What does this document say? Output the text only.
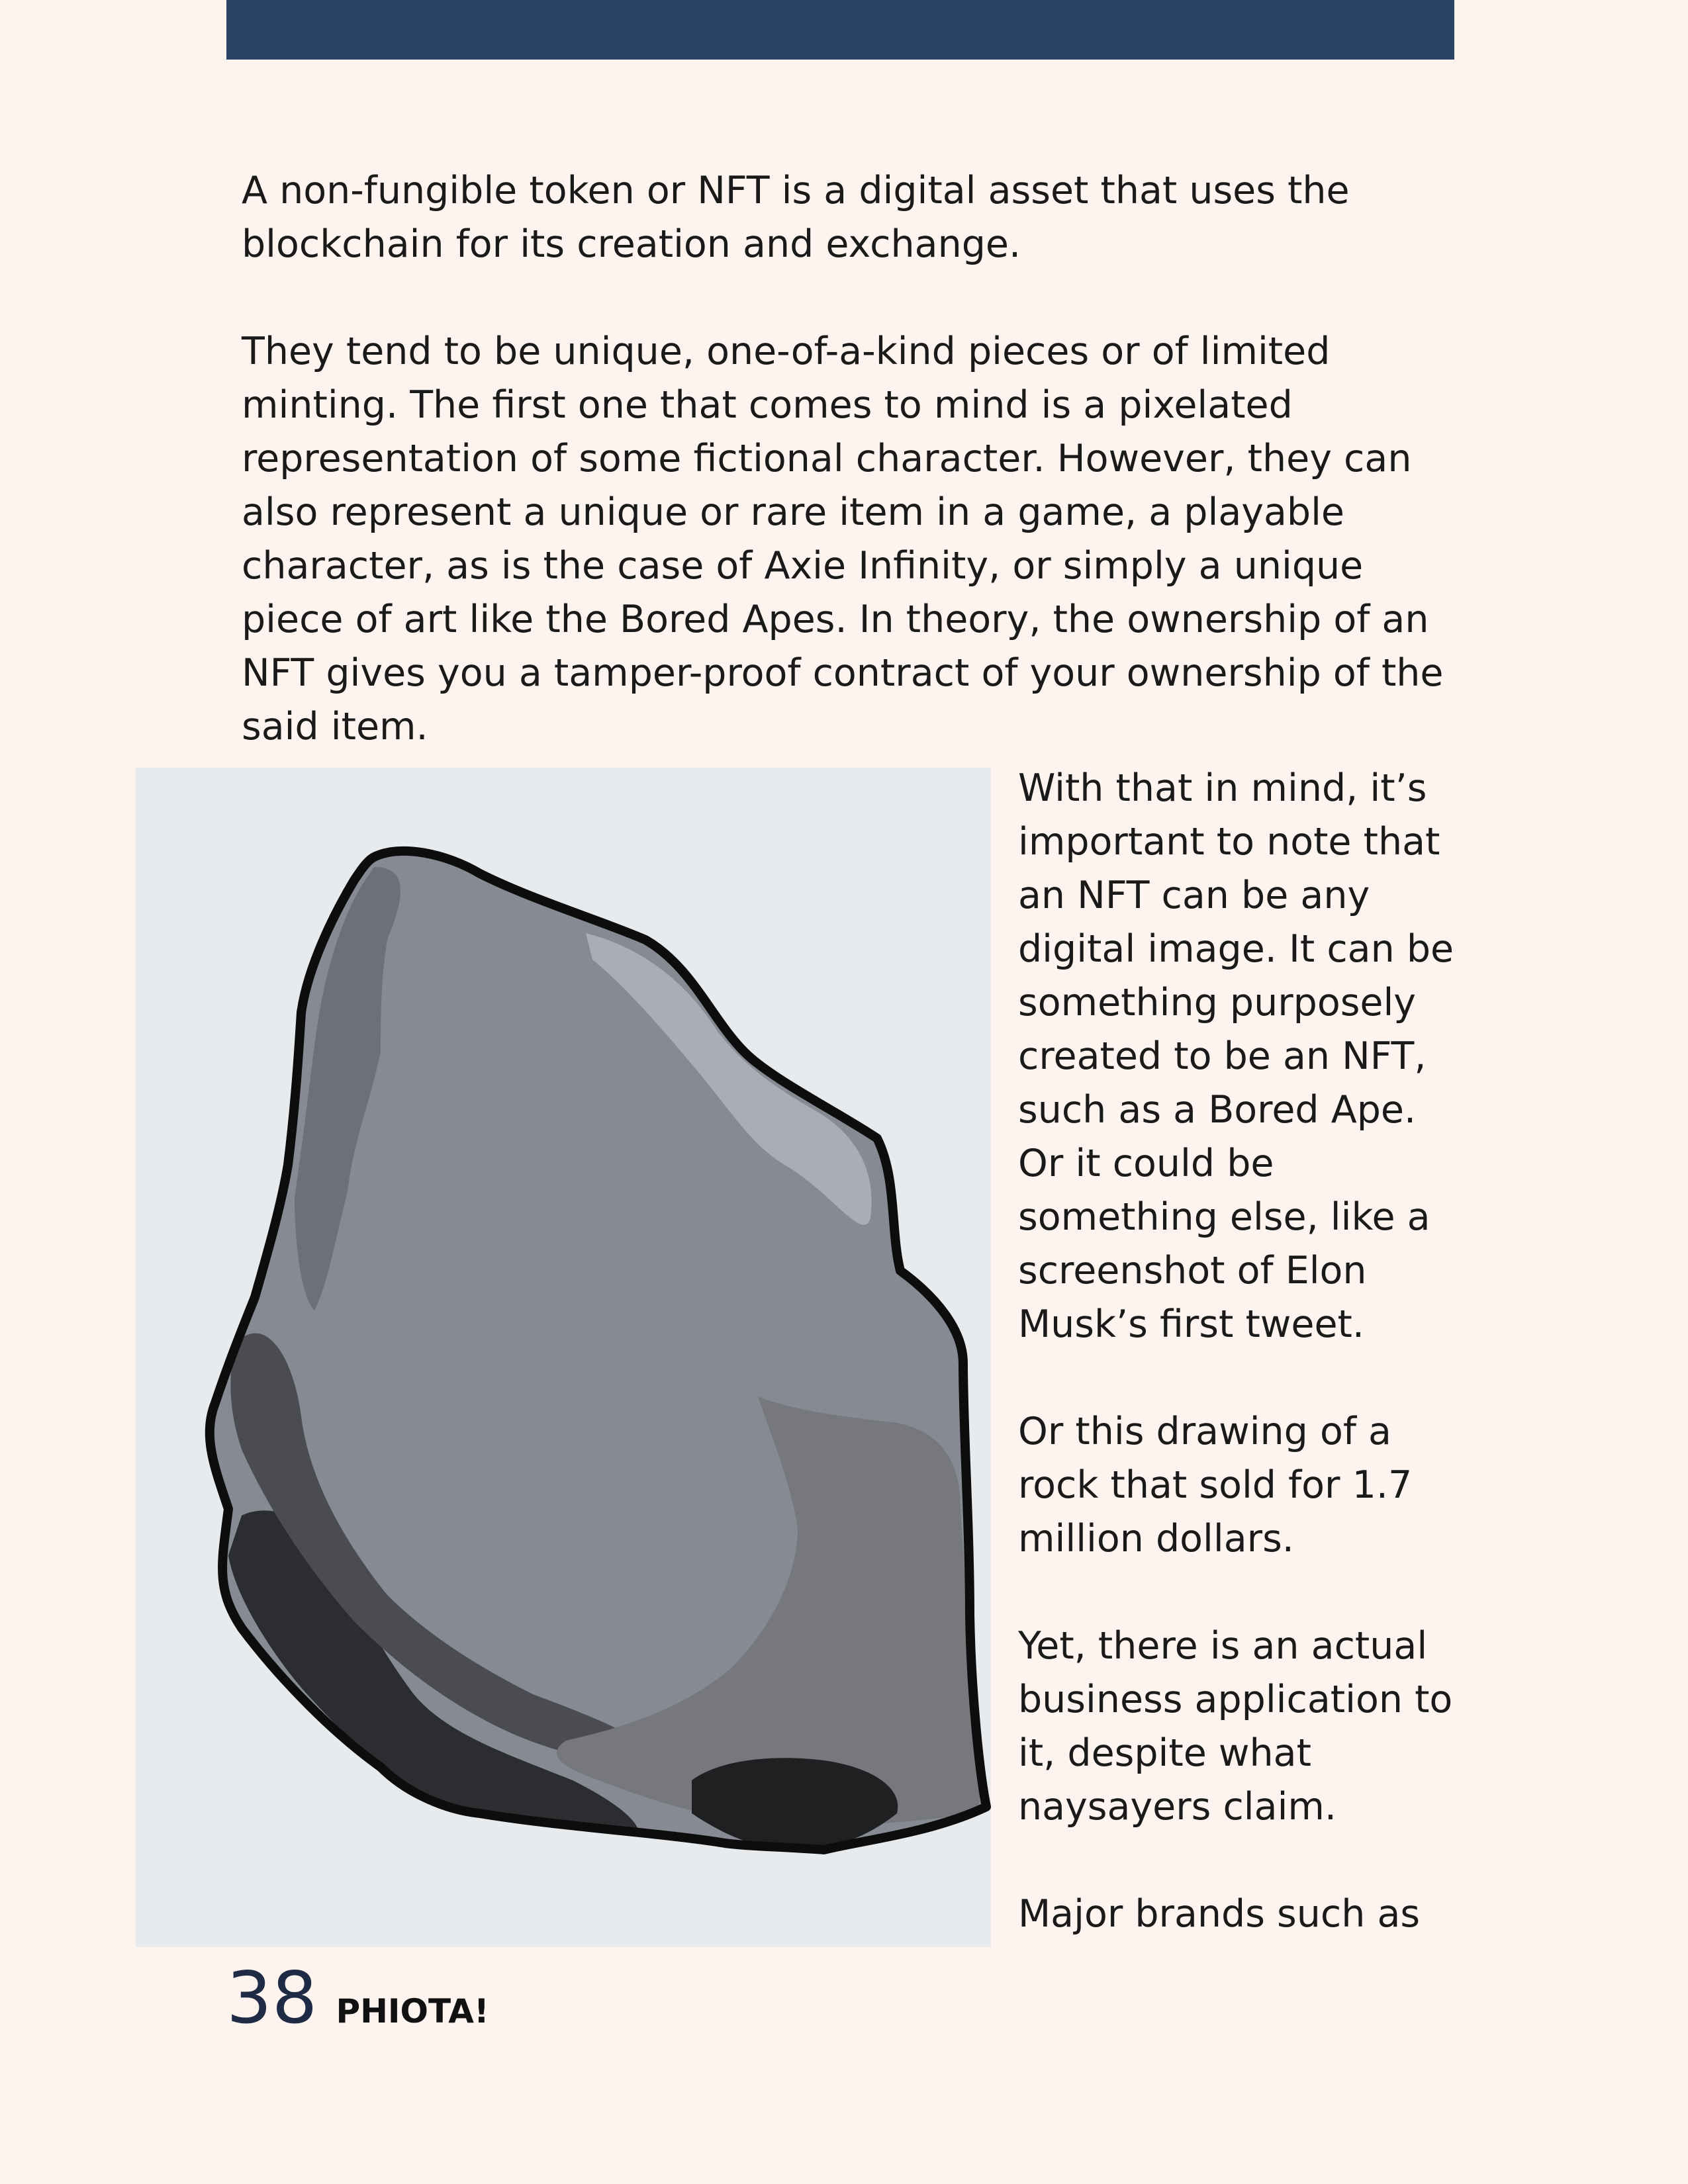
A non-fungible token or NFT is a digital asset that uses the blockchain for its creation and exchange.

They tend to be unique, one-of-a-kind pieces or of limited minting. The first one that comes to mind is a pixelated representation of some fictional character. However, they can also represent a unique or rare item in a game, a playable character, as is the case of Axie Infinity, or simply a unique piece of art like the Bored Apes. In theory, the ownership of an NFT gives you a tamper-proof contract of your ownership of the said item.

With that in mind, it’s important to note that an NFT can be any digital image. It can be something purposely created to be an NFT, such as a Bored Ape. Or it could be something else, like a screenshot of Elon Musk’s first tweet.

Or this drawing of a rock that sold for 1.7 million dollars.

Yet, there is an actual business application to it, despite what naysayers claim.

Major brands such as

38 PHIOTA!
